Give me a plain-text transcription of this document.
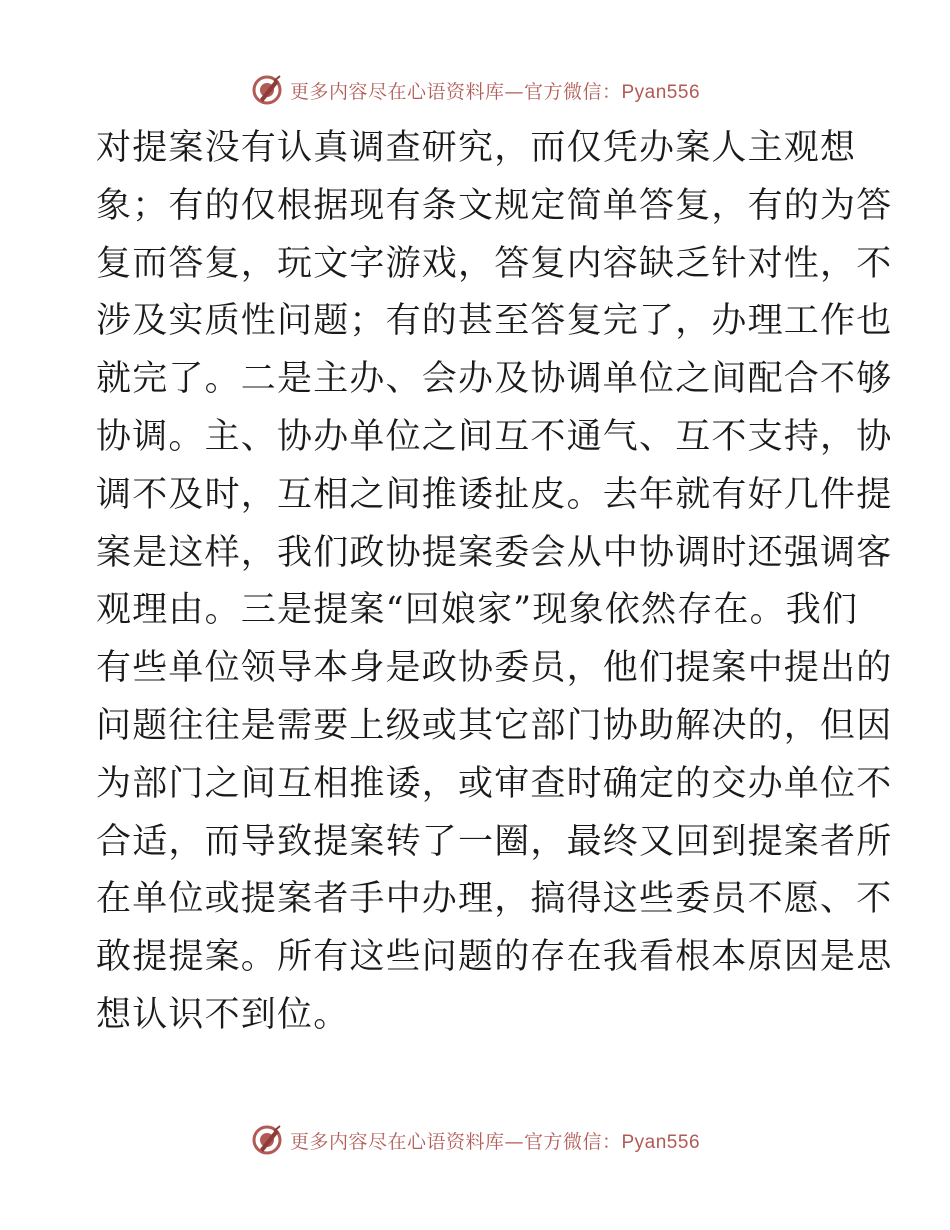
更多内容尽在心语资料库—官方微信：Pyan556
对提案没有认真调查研究，而仅凭办案人主观想
象；有的仅根据现有条文规定简单答复，有的为答
复而答复，玩文字游戏，答复内容缺乏针对性，不
涉及实质性问题；有的甚至答复完了，办理工作也
就完了。二是主办、会办及协调单位之间配合不够
协调。主、协办单位之间互不通气、互不支持，协
调不及时，互相之间推诿扯皮。去年就有好几件提
案是这样，我们政协提案委会从中协调时还强调客
观理由。三是提案“回娘家”现象依然存在。我们
有些单位领导本身是政协委员，他们提案中提出的
问题往往是需要上级或其它部门协助解决的，但因
为部门之间互相推诿，或审查时确定的交办单位不
合适，而导致提案转了一圈，最终又回到提案者所
在单位或提案者手中办理，搞得这些委员不愿、不
敢提提案。所有这些问题的存在我看根本原因是思
想认识不到位。
更多内容尽在心语资料库—官方微信：Pyan556
